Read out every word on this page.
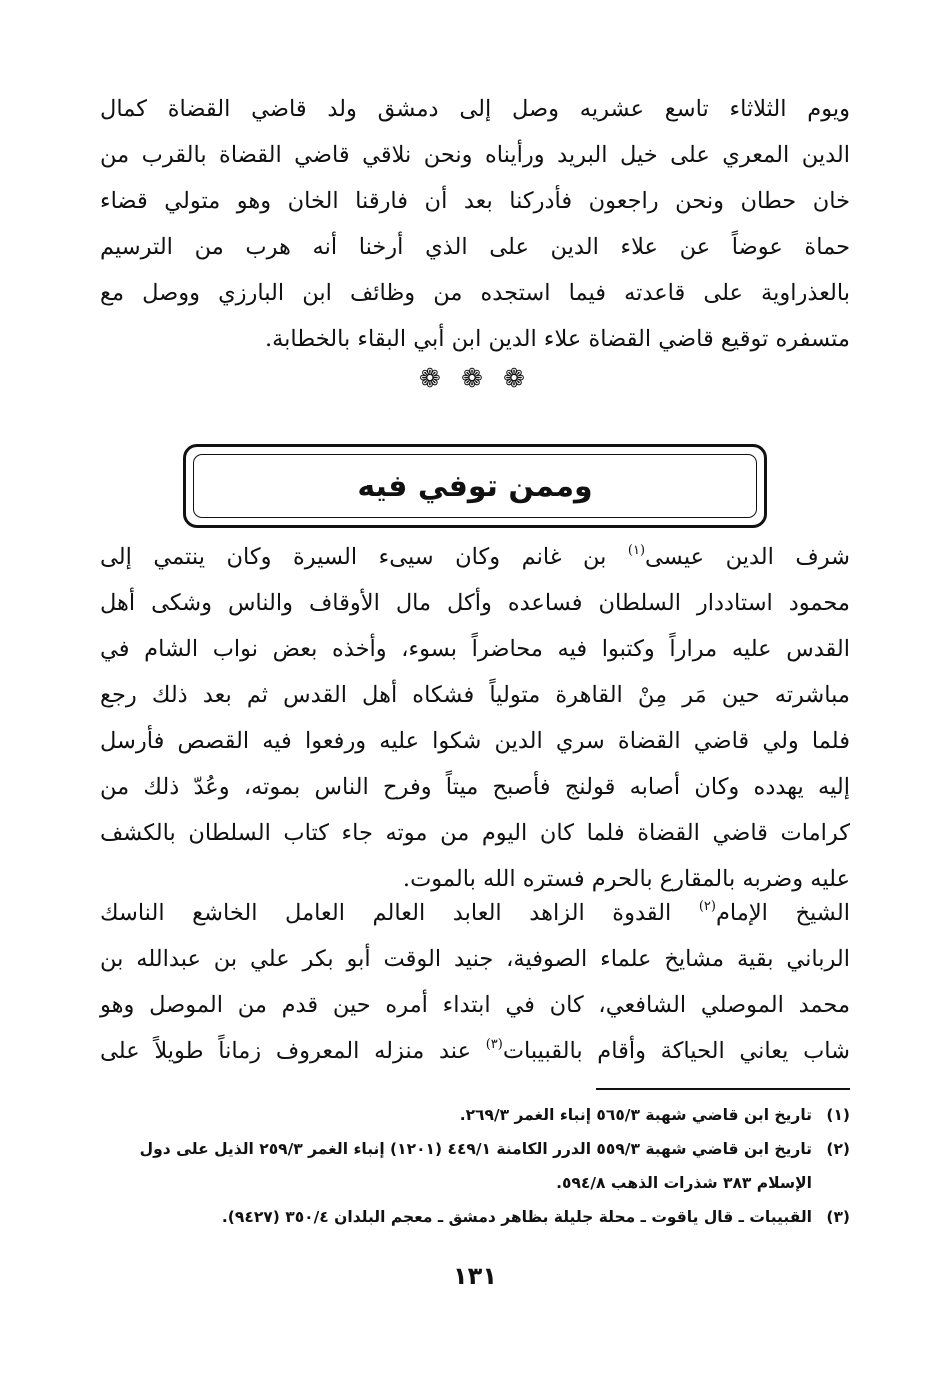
ويوم الثلاثاء تاسع عشريه وصل إلى دمشق ولد قاضي القضاة كمال
الدين المعري على خيل البريد ورأيناه ونحن نلاقي قاضي القضاة بالقرب من
خان حطان ونحن راجعون فأدركنا بعد أن فارقنا الخان وهو متولي قضاء
حماة عوضاً عن علاء الدين على الذي أرخنا أنه هرب من الترسيم
بالعذراوية على قاعدته فيما استجده من وظائف ابن البارزي ووصل مع
متسفره توقيع قاضي القضاة علاء الدين ابن أبي البقاء بالخطابة.
❁ ❁ ❁
وممن توفي فيه
شرف الدين عيسى$^{(١)}$ بن غانم وكان سيىء السيرة وكان ينتمي إلى
محمود استاددار السلطان فساعده وأكل مال الأوقاف والناس وشكى أهل
القدس عليه مراراً وكتبوا فيه محاضراً بسوء، وأخذه بعض نواب الشام في
مباشرته حين مَر مِنْ القاهرة متولياً فشكاه أهل القدس ثم بعد ذلك رجع
فلما ولي قاضي القضاة سري الدين شكوا عليه ورفعوا فيه القصص فأرسل
إليه يهدده وكان أصابه قولنج فأصبح ميتاً وفرح الناس بموته، وعُدّ ذلك من
كرامات قاضي القضاة فلما كان اليوم من موته جاء كتاب السلطان بالكشف
عليه وضربه بالمقارع بالحرم فستره الله بالموت.
الشيخ الإمام$^{(٢)}$ القدوة الزاهد العابد العالم العامل الخاشع الناسك
الرباني بقية مشايخ علماء الصوفية، جنيد الوقت أبو بكر علي بن عبدالله بن
محمد الموصلي الشافعي، كان في ابتداء أمره حين قدم من الموصل وهو
شاب يعاني الحياكة وأقام بالقبيبات$^{(٣)}$ عند منزله المعروف زماناً طويلاً على
(١)
تاريخ ابن قاضي شهبة ٥٦٥/٣ إنباء الغمر ٢٦٩/٣.
(٢)
تاريخ ابن قاضي شهبة ٥٥٩/٣ الدرر الكامنة ٤٤٩/١ (١٢٠١) إنباء الغمر ٢٥٩/٣ الذيل على دول الإسلام ٣٨٣ شذرات الذهب ٥٩٤/٨.
(٣)
القبيبات ـ قال ياقوت ـ محلة جليلة بظاهر دمشق ـ معجم البلدان ٣٥٠/٤ (٩٤٢٧).
١٣١
